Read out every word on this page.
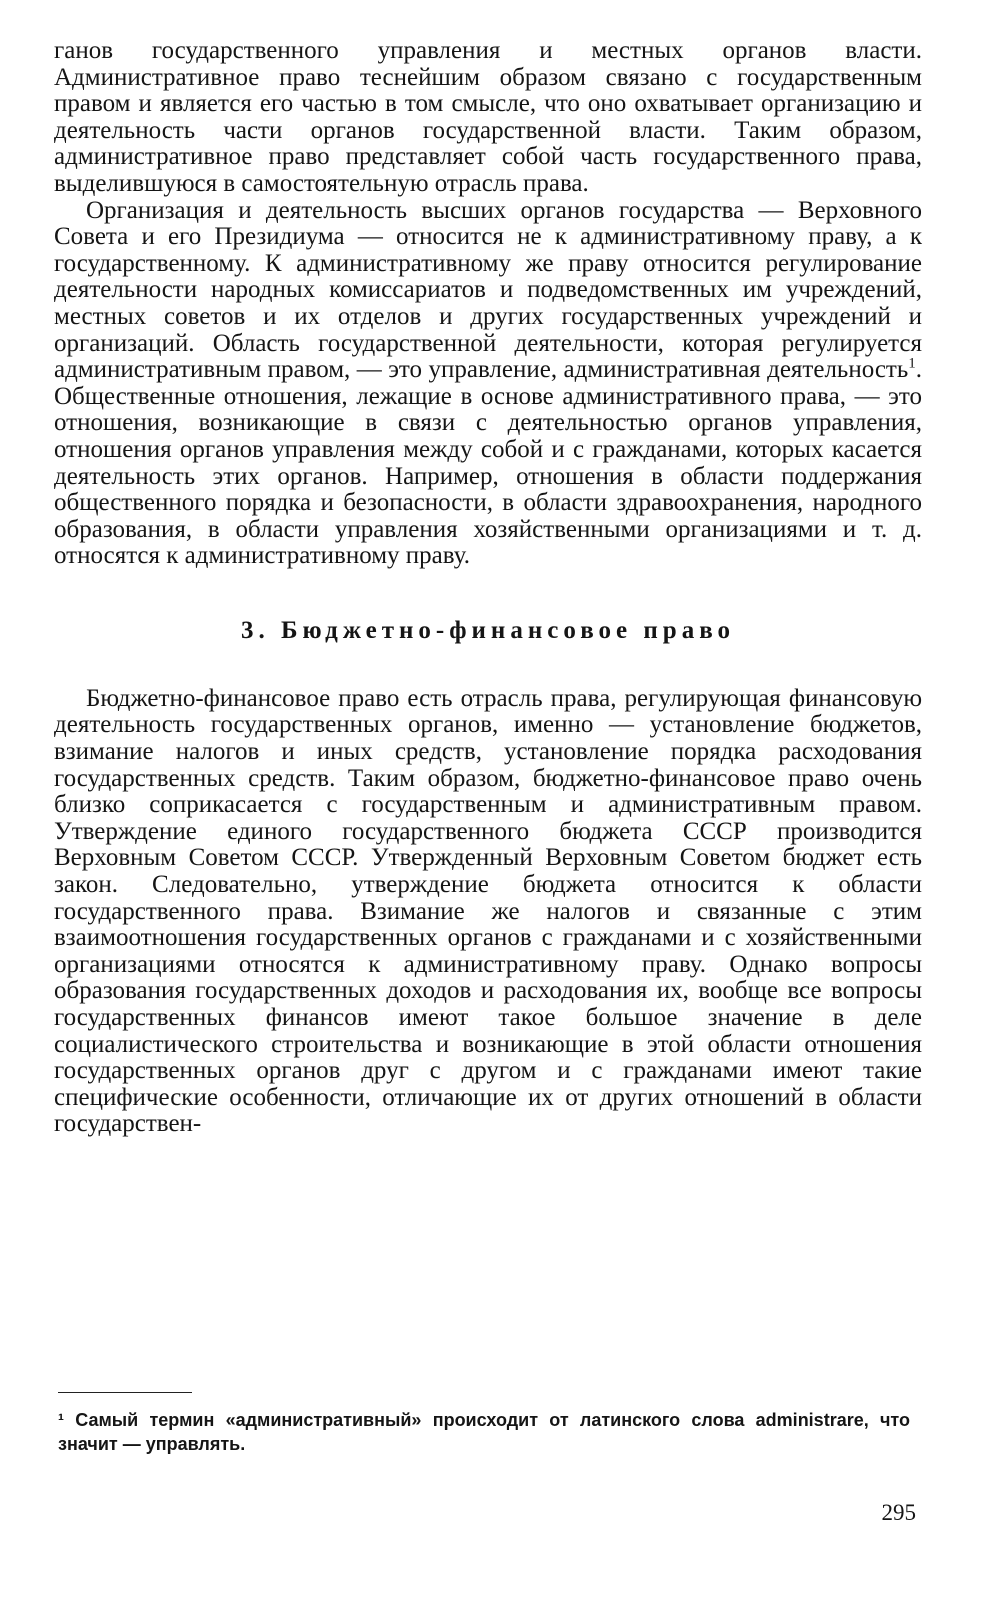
ганов государственного управления и местных органов власти. Административное право теснейшим образом связано с государственным правом и является его частью в том смысле, что оно охватывает организацию и деятельность части органов государственной власти. Таким образом, административное право представляет собой часть государственного права, выделившуюся в самостоятельную отрасль права.

Организация и деятельность высших органов государства — Верховного Совета и его Президиума — относится не к административному праву, а к государственному. К административному же праву относится регулирование деятельности народных комиссариатов и подведомственных им учреждений, местных советов и их отделов и других государственных учреждений и организаций. Область государственной деятельности, которая регулируется административным правом, — это управление, административная деятельность$^1$. Общественные отношения, лежащие в основе административного права, — это отношения, возникающие в связи с деятельностью органов управления, отношения органов управления между собой и с гражданами, которых касается деятельность этих органов. Например, отношения в области поддержания общественного порядка и безопасности, в области здравоохранения, народного образования, в области управления хозяйственными организациями и т. д. относятся к административному праву.

3. Бюджетно-финансовое право

Бюджетно-финансовое право есть отрасль права, регулирующая финансовую деятельность государственных органов, именно — установление бюджетов, взимание налогов и иных средств, установление порядка расходования государственных средств. Таким образом, бюджетно-финансовое право очень близко соприкасается с государственным и административным правом. Утверждение единого государственного бюджета СССР производится Верховным Советом СССР. Утвержденный Верховным Советом бюджет есть закон. Следовательно, утверждение бюджета относится к области государственного права. Взимание же налогов и связанные с этим взаимоотношения государственных органов с гражданами и с хозяйственными организациями относятся к административному праву. Однако вопросы образования государственных доходов и расходования их, вообще все вопросы государственных финансов имеют такое большое значение в деле социалистического строительства и возникающие в этой области отношения государственных органов друг с другом и с гражданами имеют такие специфические особенности, отличающие их от других отношений в области государствен-

¹ Самый термин «административный» происходит от латинского слова administrare, что значит — управлять.

295
